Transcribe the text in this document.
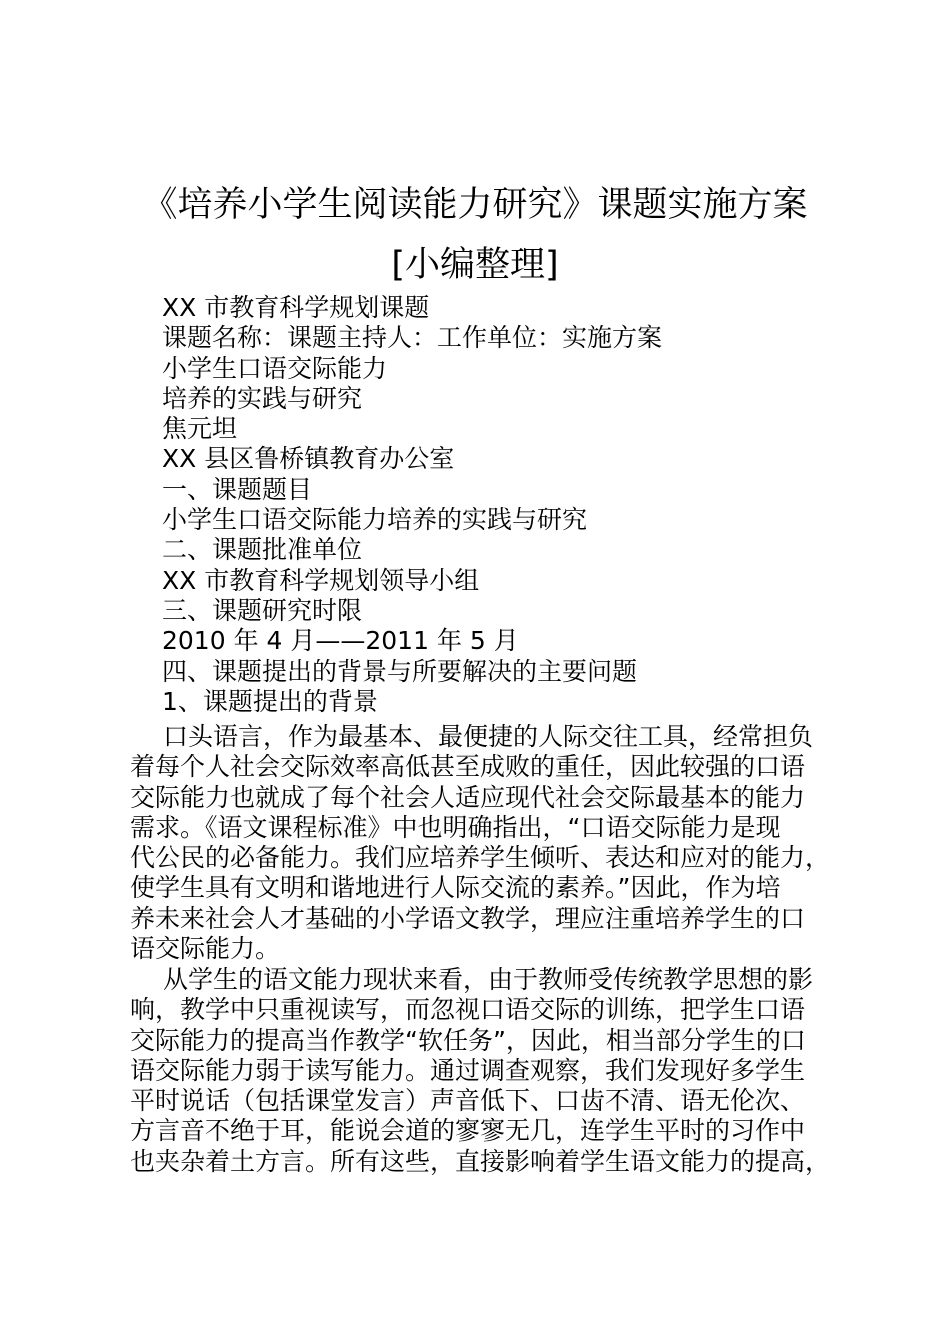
《培养小学生阅读能力研究》课题实施方案
[小编整理]
XX 市教育科学规划课题
课题名称：课题主持人：工作单位：实施方案
小学生口语交际能力
培养的实践与研究
焦元坦
XX 县区鲁桥镇教育办公室
一、课题题目
小学生口语交际能力培养的实践与研究
二、课题批准单位
XX 市教育科学规划领导小组
三、课题研究时限
2010 年 4 月——2011 年 5 月
四、课题提出的背景与所要解决的主要问题
1、课题提出的背景
口头语言，作为最基本、最便捷的人际交往工具，经常担负
着每个人社会交际效率高低甚至成败的重任，因此较强的口语
交际能力也就成了每个社会人适应现代社会交际最基本的能力
需求。《语文课程标准》中也明确指出，“口语交际能力是现
代公民的必备能力。我们应培养学生倾听、表达和应对的能力，
使学生具有文明和谐地进行人际交流的素养。”因此，作为培
养未来社会人才基础的小学语文教学，理应注重培养学生的口
语交际能力。
从学生的语文能力现状来看，由于教师受传统教学思想的影
响，教学中只重视读写，而忽视口语交际的训练，把学生口语
交际能力的提高当作教学“软任务”，因此，相当部分学生的口
语交际能力弱于读写能力。通过调查观察，我们发现好多学生
平时说话（包括课堂发言）声音低下、口齿不清、语无伦次、
方言音不绝于耳，能说会道的寥寥无几，连学生平时的习作中
也夹杂着土方言。所有这些，直接影响着学生语文能力的提高，
